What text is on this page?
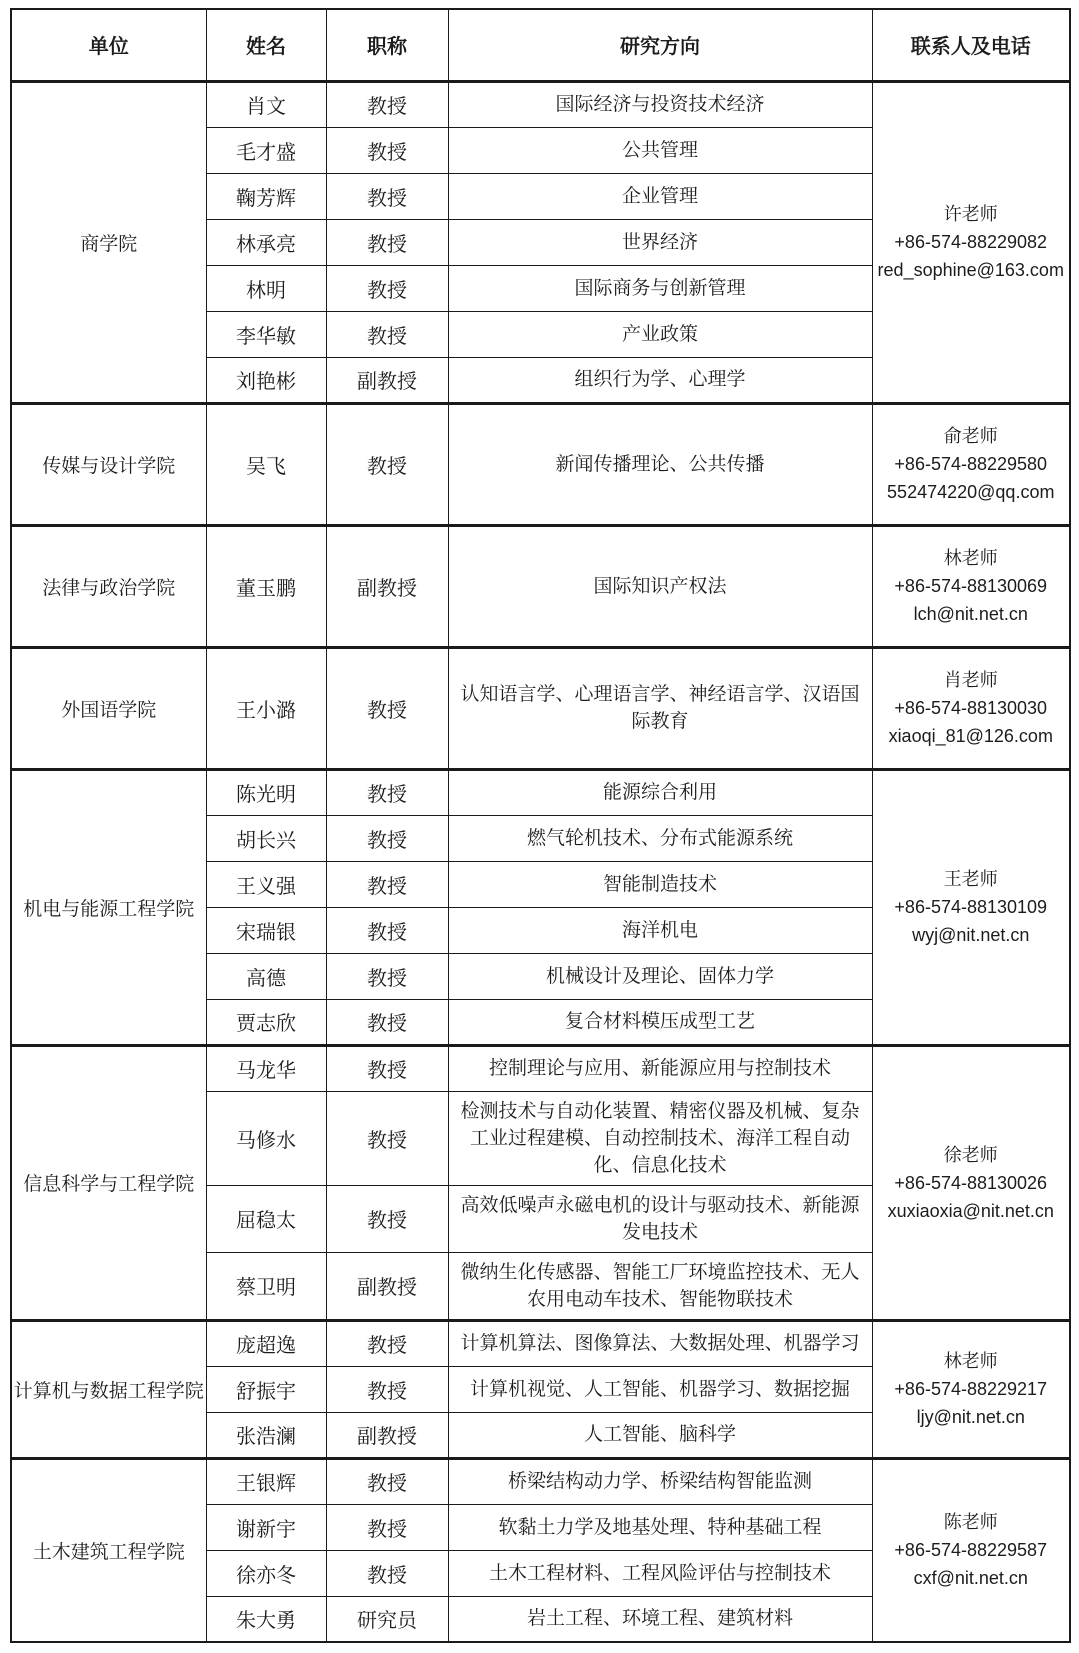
单位	姓名	职称	研究方向	联系人及电话
商学院	肖文	教授	国际经济与投资技术经济	许老师
+86-574-88229082
red_sophine@163.com

	毛才盛	教授	公共管理	
	鞠芳辉	教授	企业管理	
	林承亮	教授	世界经济	
	林明	教授	国际商务与创新管理	
	李华敏	教授	产业政策	
	刘艳彬	副教授	组织行为学、心理学	
传媒与设计学院	吴飞	教授	新闻传播理论、公共传播	俞老师
+86-574-88229580
552474220@qq.com

法律与政治学院	董玉鹏	副教授	国际知识产权法	林老师
+86-574-88130069
lch@nit.net.cn

外国语学院	王小潞	教授	认知语言学、心理语言学、神经语言学、汉语国际教育	肖老师
+86-574-88130030
xiaoqi_81@126.com

机电与能源工程学院	陈光明	教授	能源综合利用	王老师
+86-574-88130109
wyj@nit.net.cn

	胡长兴	教授	燃气轮机技术、分布式能源系统	
	王义强	教授	智能制造技术	
	宋瑞银	教授	海洋机电	
	高德	教授	机械设计及理论、固体力学	
	贾志欣	教授	复合材料模压成型工艺	
信息科学与工程学院	马龙华	教授	控制理论与应用、新能源应用与控制技术	徐老师
+86-574-88130026
xuxiaoxia@nit.net.cn

	马修水	教授	检测技术与自动化装置、精密仪器及机械、复杂工业过程建模、自动控制技术、海洋工程自动化、信息化技术	
	屈稳太	教授	高效低噪声永磁电机的设计与驱动技术、新能源发电技术	
	蔡卫明	副教授	微纳生化传感器、智能工厂环境监控技术、无人农用电动车技术、智能物联技术	
计算机与数据工程学院	庞超逸	教授	计算机算法、图像算法、大数据处理、机器学习	林老师
+86-574-88229217
ljy@nit.net.cn

	舒振宇	教授	计算机视觉、人工智能、机器学习、数据挖掘	
	张浩澜	副教授	人工智能、脑科学	
土木建筑工程学院	王银辉	教授	桥梁结构动力学、桥梁结构智能监测	陈老师
+86-574-88229587
cxf@nit.net.cn

	谢新宇	教授	软黏土力学及地基处理、特种基础工程	
	徐亦冬	教授	土木工程材料、工程风险评估与控制技术	
	朱大勇	研究员	岩土工程、环境工程、建筑材料	
